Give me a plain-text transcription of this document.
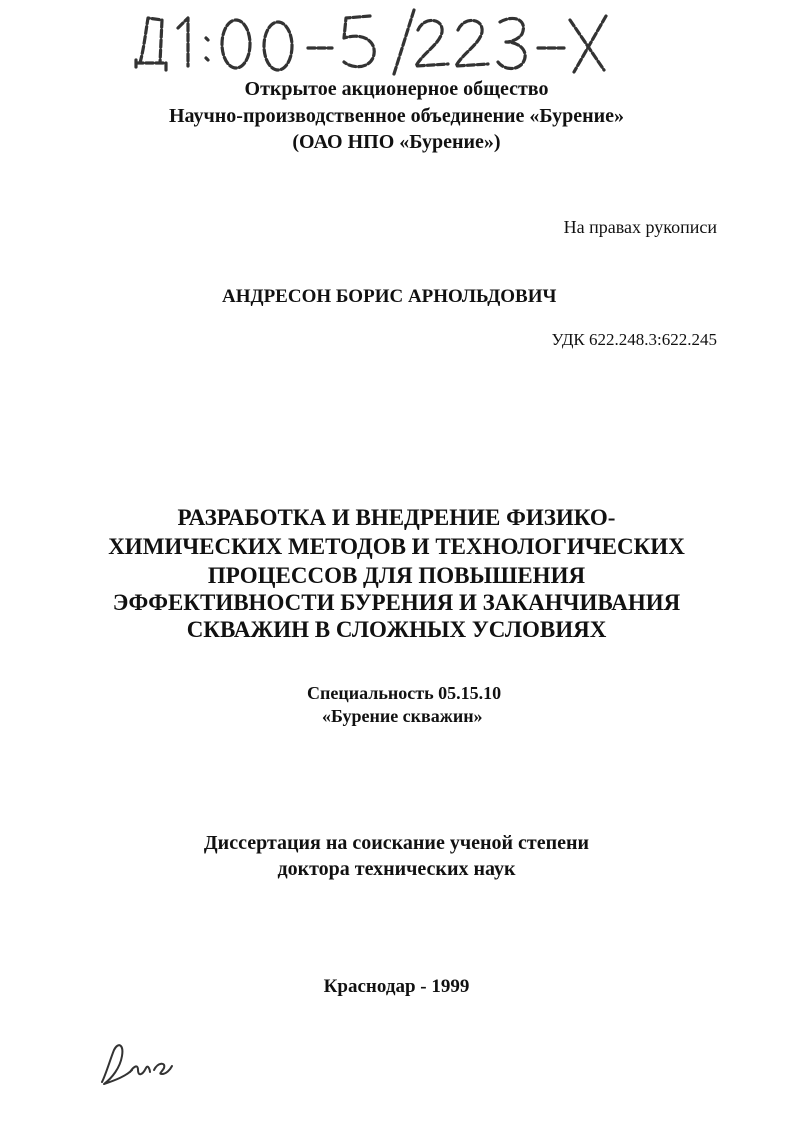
Открытое акционерное общество
Научно-производственное объединение «Бурение»
(ОАО НПО «Бурение»)
На правах рукописи
АНДРЕСОН БОРИС АРНОЛЬДОВИЧ
УДК 622.248.3:622.245
РАЗРАБОТКА И ВНЕДРЕНИЕ ФИЗИКО-
ХИМИЧЕСКИХ МЕТОДОВ И ТЕХНОЛОГИЧЕСКИХ
ПРОЦЕССОВ ДЛЯ ПОВЫШЕНИЯ
ЭФФЕКТИВНОСТИ БУРЕНИЯ И ЗАКАНЧИВАНИЯ
СКВАЖИН В СЛОЖНЫХ УСЛОВИЯХ
Специальность 05.15.10
«Бурение скважин»
Диссертация на соискание ученой степени
доктора технических наук
Краснодар - 1999
